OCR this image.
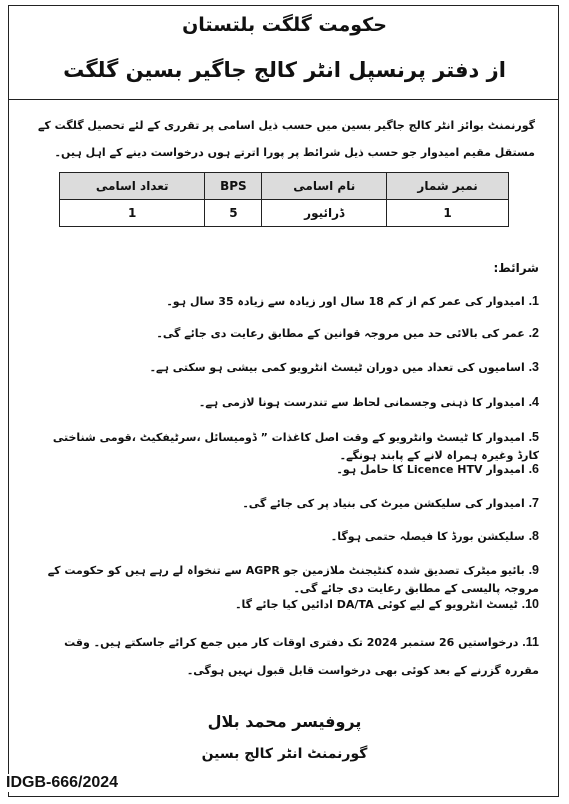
حکومت گلگت بلتستان
از دفتر پرنسپل انٹر کالج جاگیر بسین گلگت
گورنمنٹ بوائز انٹر کالج جاگیر بسین میں حسب ذیل اسامی پر تقرری کے لئے تحصیل گلگت کے مستقل مقیم امیدوار جو حسب ذیل شرائط پر پورا اترتے ہوں درخواست دینے کے اہل ہیں۔
نمبر شمار	نام اسامی	BPS	تعداد اسامی
1	ڈرائیور	5	1
شرائط:
1. امیدوار کی عمر کم از کم 18 سال اور زیادہ سے زیادہ 35 سال ہو۔
2. عمر کی بالائی حد میں مروجہ قوانین کے مطابق رعایت دی جائے گی۔
3. اسامیوں کی تعداد میں دوران ٹیسٹ انٹرویو کمی بیشی ہو سکتی ہے۔
4. امیدوار کا ذہنی وجسمانی لحاظ سے تندرست ہونا لازمی ہے۔
5. امیدوار کا ٹیسٹ وانٹرویو کے وقت اصل کاغذات ” ڈومیسائل ،سرٹیفکیٹ ،قومی شناختی کارڈ وغیرہ ہمراہ لانے کے پابند ہونگے۔
6. امیدوار Licence HTV کا حامل ہو۔
7. امیدوار کی سلیکشن میرٹ کی بنیاد پر کی جائے گی۔
8. سلیکشن بورڈ کا فیصلہ حتمی ہوگا۔
9. بائیو میٹرک تصدیق شدہ کنٹیجنٹ ملازمین جو AGPR سے تنخواہ لے رہے ہیں کو حکومت کے مروجہ پالیسی کے مطابق رعایت دی جائے گی۔
10. ٹیسٹ انٹرویو کے لیے کوئی DA/TA ادائیں کیا جائے گا۔
11. درخواستیں 26 ستمبر 2024 تک دفتری اوقات کار میں جمع کرائے جاسکتے ہیں۔ وقت مقررہ گزرنے کے بعد کوئی بھی درخواست قابل قبول نہیں ہوگی۔
پروفیسر محمد بلال
گورنمنٹ انٹر کالج بسین
IDGB-666/2024
